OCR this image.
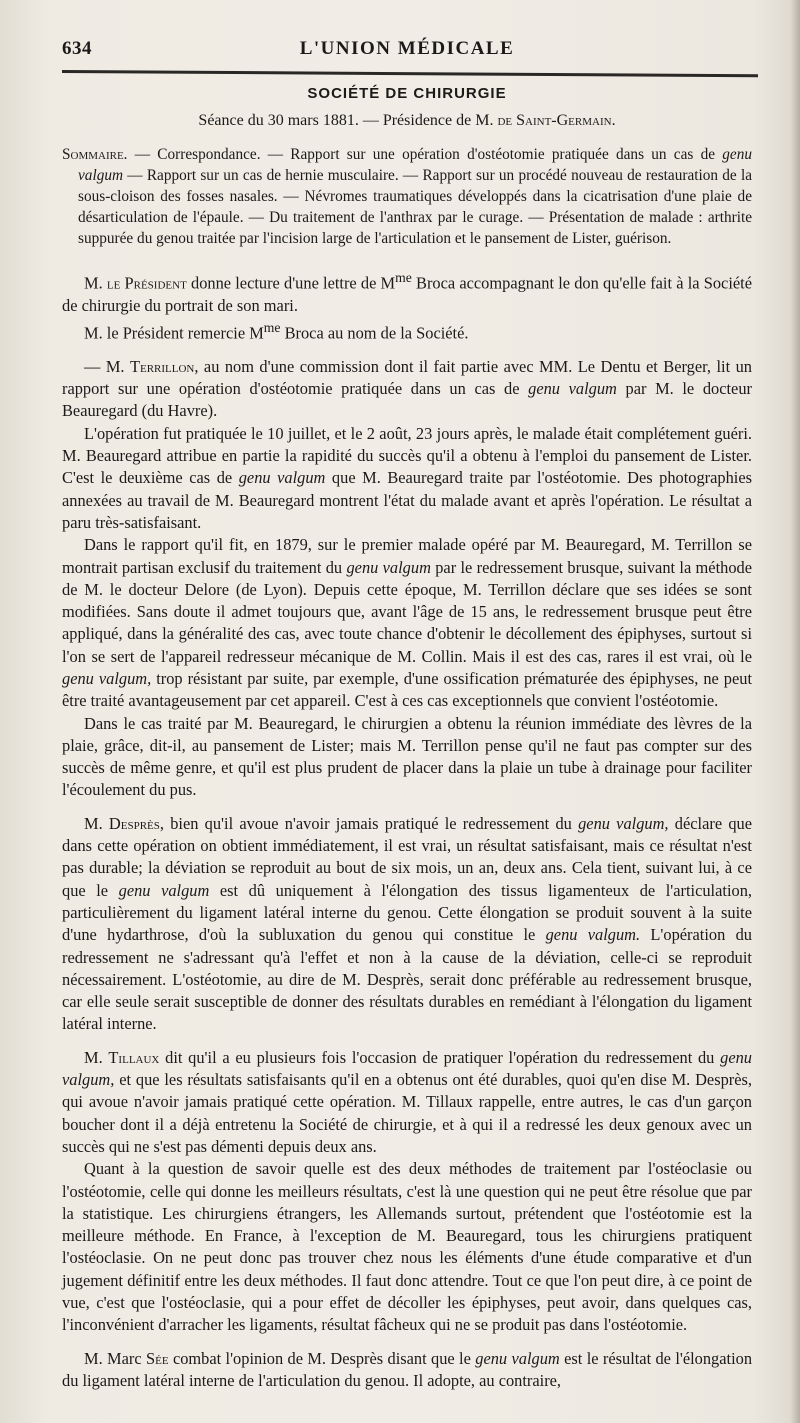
634	L'UNION MÉDICALE
SOCIÉTÉ DE CHIRURGIE
Séance du 30 mars 1881. — Présidence de M. de Saint-Germain.
Sommaire. — Correspondance. — Rapport sur une opération d'ostéotomie pratiquée dans un cas de genu valgum — Rapport sur un cas de hernie musculaire. — Rapport sur un procédé nouveau de restauration de la sous-cloison des fosses nasales. — Névromes traumatiques développés dans la cicatrisation d'une plaie de désarticulation de l'épaule. — Du traitement de l'anthrax par le curage. — Présentation de malade : arthrite suppurée du genou traitée par l'incision large de l'articulation et le pansement de Lister, guérison.

M. le Président donne lecture d'une lettre de $M^{me}$ Broca accompagnant le don qu'elle fait à la Société de chirurgie du portrait de son mari.

M. le Président remercie $M^{me}$ Broca au nom de la Société.

— M. Terrillon, au nom d'une commission dont il fait partie avec MM. Le Dentu et Berger, lit un rapport sur une opération d'ostéotomie pratiquée dans un cas de genu valgum par M. le docteur Beauregard (du Havre).

L'opération fut pratiquée le 10 juillet, et le 2 août, 23 jours après, le malade était complétement guéri. M. Beauregard attribue en partie la rapidité du succès qu'il a obtenu à l'emploi du pansement de Lister. C'est le deuxième cas de genu valgum que M. Beauregard traite par l'ostéotomie. Des photographies annexées au travail de M. Beauregard montrent l'état du malade avant et après l'opération. Le résultat a paru très-satisfaisant.

Dans le rapport qu'il fit, en 1879, sur le premier malade opéré par M. Beauregard, M. Terrillon se montrait partisan exclusif du traitement du genu valgum par le redressement brusque, suivant la méthode de M. le docteur Delore (de Lyon). Depuis cette époque, M. Terrillon déclare que ses idées se sont modifiées. Sans doute il admet toujours que, avant l'âge de 15 ans, le redressement brusque peut être appliqué, dans la généralité des cas, avec toute chance d'obtenir le décollement des épiphyses, surtout si l'on se sert de l'appareil redresseur mécanique de M. Collin. Mais il est des cas, rares il est vrai, où le genu valgum, trop résistant par suite, par exemple, d'une ossification prématurée des épiphyses, ne peut être traité avantageusement par cet appareil. C'est à ces cas exceptionnels que convient l'ostéotomie.

Dans le cas traité par M. Beauregard, le chirurgien a obtenu la réunion immédiate des lèvres de la plaie, grâce, dit-il, au pansement de Lister; mais M. Terrillon pense qu'il ne faut pas compter sur des succès de même genre, et qu'il est plus prudent de placer dans la plaie un tube à drainage pour faciliter l'écoulement du pus.

M. Desprès, bien qu'il avoue n'avoir jamais pratiqué le redressement du genu valgum, déclare que dans cette opération on obtient immédiatement, il est vrai, un résultat satisfaisant, mais ce résultat n'est pas durable; la déviation se reproduit au bout de six mois, un an, deux ans. Cela tient, suivant lui, à ce que le genu valgum est dû uniquement à l'élongation des tissus ligamenteux de l'articulation, particulièrement du ligament latéral interne du genou. Cette élongation se produit souvent à la suite d'une hydarthrose, d'où la subluxation du genou qui constitue le genu valgum. L'opération du redressement ne s'adressant qu'à l'effet et non à la cause de la déviation, celle-ci se reproduit nécessairement. L'ostéotomie, au dire de M. Desprès, serait donc préférable au redressement brusque, car elle seule serait susceptible de donner des résultats durables en remédiant à l'élongation du ligament latéral interne.

M. Tillaux dit qu'il a eu plusieurs fois l'occasion de pratiquer l'opération du redressement du genu valgum, et que les résultats satisfaisants qu'il en a obtenus ont été durables, quoi qu'en dise M. Desprès, qui avoue n'avoir jamais pratiqué cette opération. M. Tillaux rappelle, entre autres, le cas d'un garçon boucher dont il a déjà entretenu la Société de chirurgie, et à qui il a redressé les deux genoux avec un succès qui ne s'est pas démenti depuis deux ans.

Quant à la question de savoir quelle est des deux méthodes de traitement par l'ostéoclasie ou l'ostéotomie, celle qui donne les meilleurs résultats, c'est là une question qui ne peut être résolue que par la statistique. Les chirurgiens étrangers, les Allemands surtout, prétendent que l'ostéotomie est la meilleure méthode. En France, à l'exception de M. Beauregard, tous les chirurgiens pratiquent l'ostéoclasie. On ne peut donc pas trouver chez nous les éléments d'une étude comparative et d'un jugement définitif entre les deux méthodes. Il faut donc attendre. Tout ce que l'on peut dire, à ce point de vue, c'est que l'ostéoclasie, qui a pour effet de décoller les épiphyses, peut avoir, dans quelques cas, l'inconvénient d'arracher les ligaments, résultat fâcheux qui ne se produit pas dans l'ostéotomie.

M. Marc Sée combat l'opinion de M. Desprès disant que le genu valgum est le résultat de l'élongation du ligament latéral interne de l'articulation du genou. Il adopte, au contraire,
